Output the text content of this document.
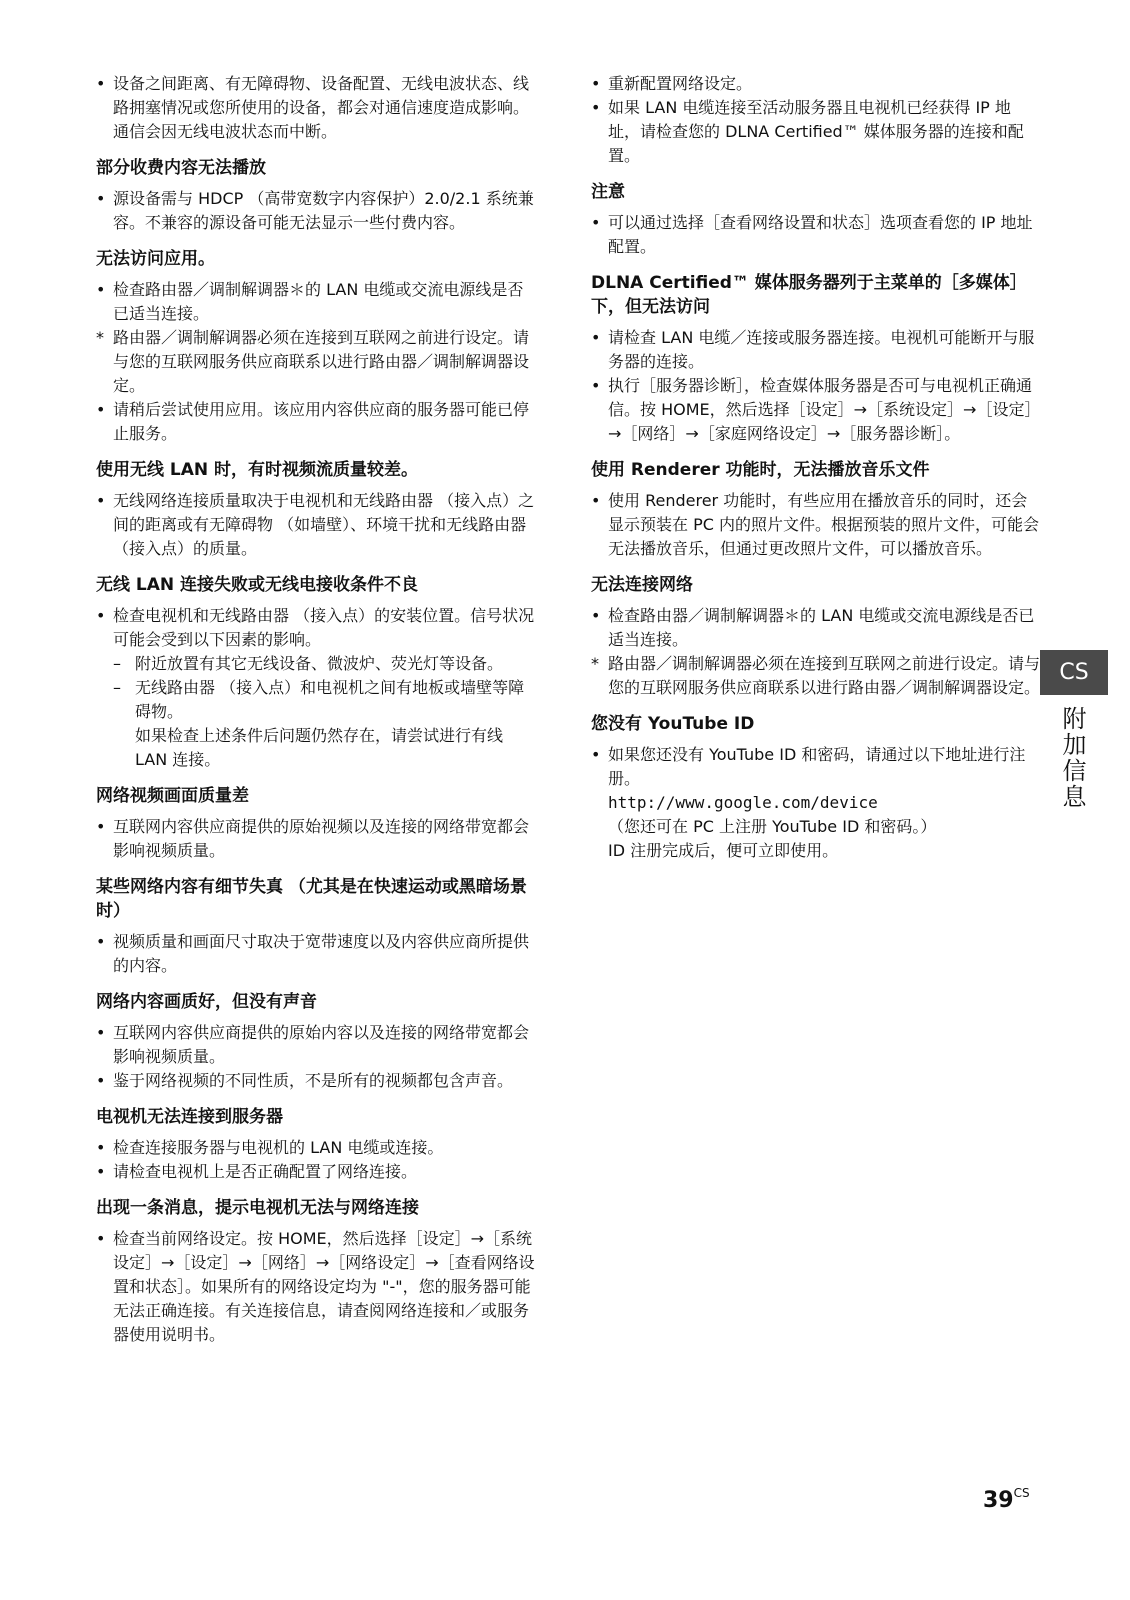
• 设备之间距离、有无障碍物、设备配置、无线电波状态、线路拥塞情况或您所使用的设备，都会对通信速度造成影响。通信会因无线电波状态而中断。
部分收费内容无法播放
• 源设备需与 HDCP （高带宽数字内容保护）2.0/2.1 系统兼容。不兼容的源设备可能无法显示一些付费内容。
无法访问应用。
• 检查路由器／调制解调器＊的 LAN 电缆或交流电源线是否已适当连接。
* 路由器／调制解调器必须在连接到互联网之前进行设定。请与您的互联网服务供应商联系以进行路由器／调制解调器设定。
• 请稍后尝试使用应用。该应用内容供应商的服务器可能已停止服务。
使用无线 LAN 时，有时视频流质量较差。
• 无线网络连接质量取决于电视机和无线路由器 （接入点）之间的距离或有无障碍物 （如墙壁）、环境干扰和无线路由器 （接入点）的质量。
无线 LAN 连接失败或无线电接收条件不良
• 检查电视机和无线路由器 （接入点）的安装位置。信号状况可能会受到以下因素的影响。
– 附近放置有其它无线设备、微波炉、荧光灯等设备。
– 无线路由器 （接入点）和电视机之间有地板或墙壁等障碍物。
如果检查上述条件后问题仍然存在，请尝试进行有线 LAN 连接。
网络视频画面质量差
• 互联网内容供应商提供的原始视频以及连接的网络带宽都会影响视频质量。
某些网络内容有细节失真 （尤其是在快速运动或黑暗场景时）
• 视频质量和画面尺寸取决于宽带速度以及内容供应商所提供的内容。
网络内容画质好，但没有声音
• 互联网内容供应商提供的原始内容以及连接的网络带宽都会影响视频质量。
• 鉴于网络视频的不同性质，不是所有的视频都包含声音。
电视机无法连接到服务器
• 检查连接服务器与电视机的 LAN 电缆或连接。
• 请检查电视机上是否正确配置了网络连接。
出现一条消息，提示电视机无法与网络连接
• 检查当前网络设定。按 HOME，然后选择［设定］→［系统设定］→［设定］→［网络］→［网络设定］→［查看网络设置和状态］。如果所有的网络设定均为 "-"，您的服务器可能无法正确连接。有关连接信息，请查阅网络连接和／或服务器使用说明书。
• 重新配置网络设定。
• 如果 LAN 电缆连接至活动服务器且电视机已经获得 IP 地址，请检查您的 DLNA Certified™ 媒体服务器的连接和配置。
注意
• 可以通过选择［查看网络设置和状态］选项查看您的 IP 地址配置。
DLNA Certified™ 媒体服务器列于主菜单的［多媒体］下，但无法访问
• 请检查 LAN 电缆／连接或服务器连接。电视机可能断开与服务器的连接。
• 执行［服务器诊断］，检查媒体服务器是否可与电视机正确通信。按 HOME，然后选择［设定］→［系统设定］→［设定］→［网络］→［家庭网络设定］→［服务器诊断］。
使用 Renderer 功能时，无法播放音乐文件
• 使用 Renderer 功能时，有些应用在播放音乐的同时，还会显示预装在 PC 内的照片文件。根据预装的照片文件，可能会无法播放音乐，但通过更改照片文件，可以播放音乐。
无法连接网络
• 检查路由器／调制解调器＊的 LAN 电缆或交流电源线是否已适当连接。
* 路由器／调制解调器必须在连接到互联网之前进行设定。请与您的互联网服务供应商联系以进行路由器／调制解调器设定。
您没有 YouTube ID
• 如果您还没有 YouTube ID 和密码，请通过以下地址进行注册。
http://www.google.com/device
（您还可在 PC 上注册 YouTube ID 和密码。）
ID 注册完成后，便可立即使用。
CS
附加信息
$39^{CS}$
